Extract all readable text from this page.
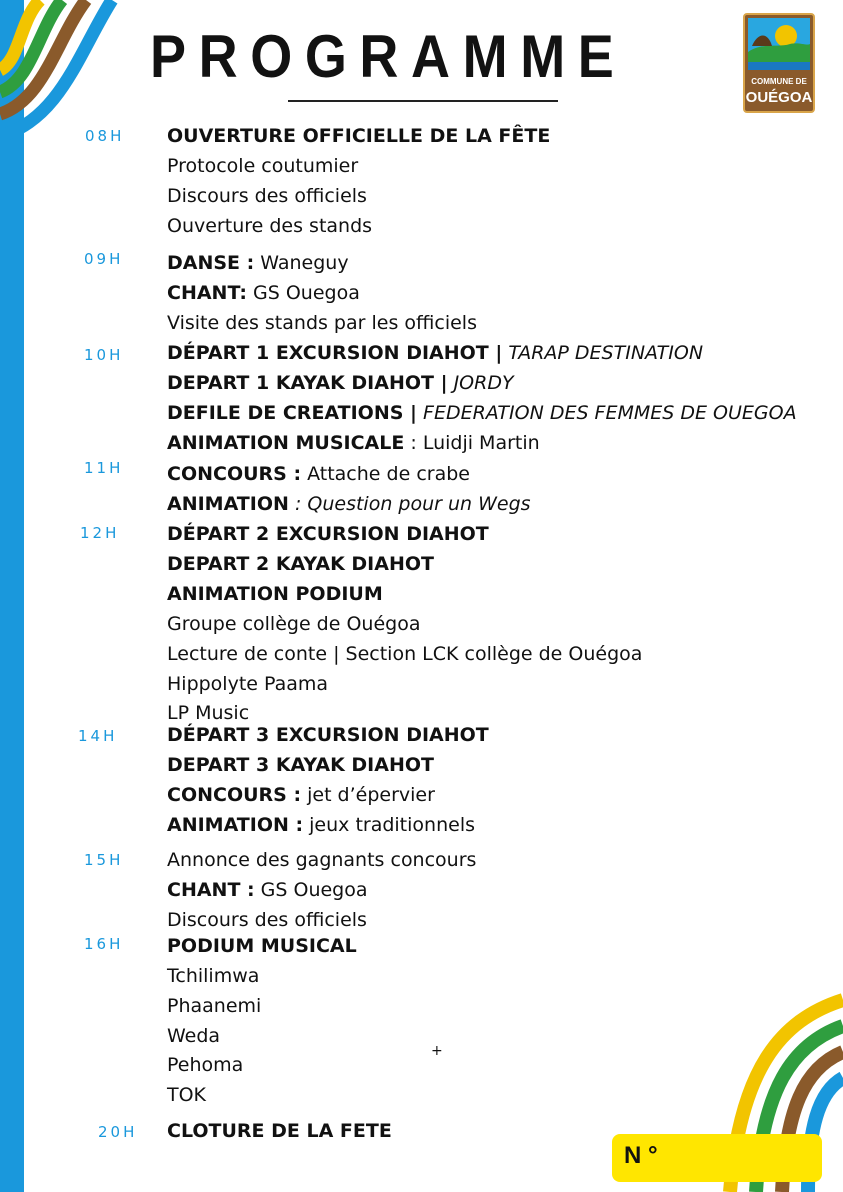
PROGRAMME	COMMUNE DE
OUÉGOA
08H OUVERTURE OFFICIELLE DE LA FÊTE
Protocole coutumier
Discours des officiels
Ouverture des stands
09H DANSE : Waneguy
CHANT: GS Ouegoa
Visite des stands par les officiels
10H DÉPART 1 EXCURSION DIAHOT | TARAP DESTINATION
DEPART 1 KAYAK DIAHOT | JORDY
DEFILE DE CREATIONS | FEDERATION DES FEMMES DE OUEGOA
ANIMATION MUSICALE : Luidji Martin
11H CONCOURS : Attache de crabe
ANIMATION : Question pour un Wegs
12H	DÉPART 2 EXCURSION DIAHOT
DEPART 2 KAYAK DIAHOT
ANIMATION PODIUM
Groupe collège de Ouégoa
Lecture de conte | Section LCK collège de Ouégoa
Hippolyte Paama
LP Music
14H	DÉPART 3 EXCURSION DIAHOT
DEPART 3 KAYAK DIAHOT
CONCOURS : jet d’épervier
ANIMATION : jeux traditionnels
15H Annonce des gagnants concours
CHANT : GS Ouegoa
Discours des officiels
16H PODIUM MUSICAL
Tchilimwa
Phaanemi
Weda
Pehoma
TOK
20H CLOTURE DE LA FETE
+
N °
